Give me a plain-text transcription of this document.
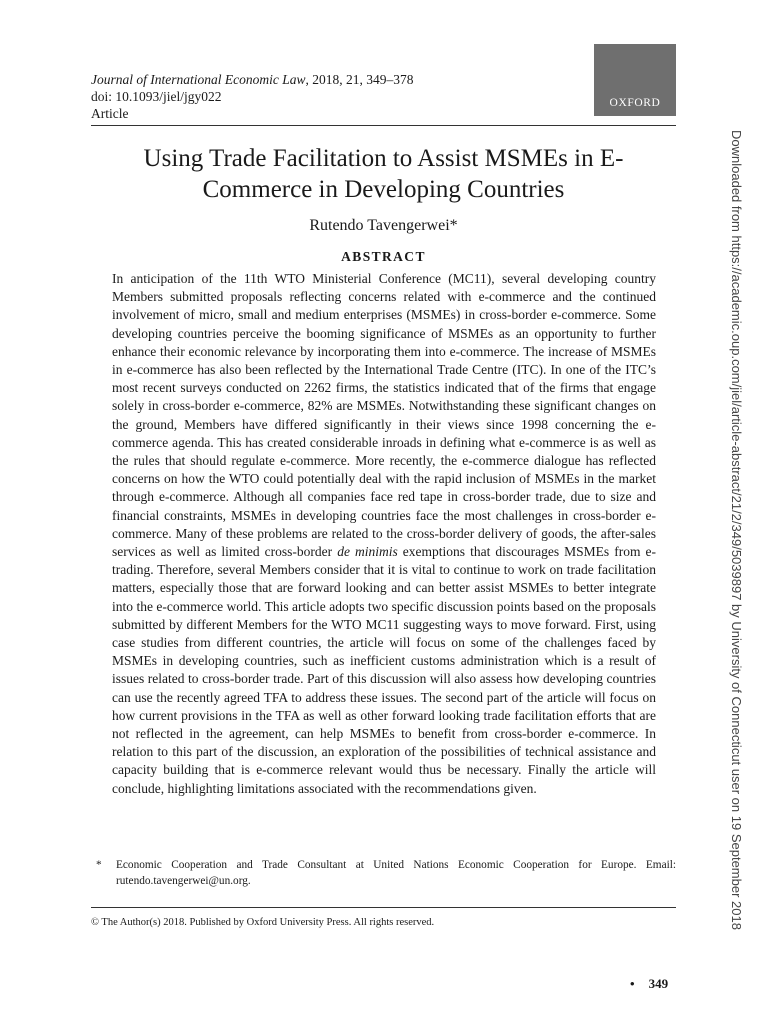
Journal of International Economic Law, 2018, 21, 349–378
doi: 10.1093/jiel/jgy022
Article
OXFORD
Using Trade Facilitation to Assist MSMEs in E-Commerce in Developing Countries
Rutendo Tavengerwei*
ABSTRACT

In anticipation of the 11th WTO Ministerial Conference (MC11), several developing country Members submitted proposals reflecting concerns related with e-commerce and the continued involvement of micro, small and medium enterprises (MSMEs) in cross-border e-commerce. Some developing countries perceive the booming significance of MSMEs as an opportunity to further enhance their economic relevance by incorporating them into e-commerce. The increase of MSMEs in e-commerce has also been reflected by the International Trade Centre (ITC). In one of the ITC’s most recent surveys conducted on 2262 firms, the statistics indicated that of the firms that engage solely in cross-border e-commerce, 82% are MSMEs. Notwithstanding these significant changes on the ground, Members have differed significantly in their views since 1998 concerning the e-commerce agenda. This has created considerable inroads in defining what e-commerce is as well as the rules that should regulate e-commerce. More recently, the e-commerce dialogue has reflected concerns on how the WTO could potentially deal with the rapid inclusion of MSMEs in the market through e-commerce. Although all companies face red tape in cross-border trade, due to size and financial constraints, MSMEs in developing countries face the most challenges in cross-border e-commerce. Many of these problems are related to the cross-border delivery of goods, the after-sales services as well as limited cross-border de minimis exemptions that discourages MSMEs from e-trading. Therefore, several Members consider that it is vital to continue to work on trade facilitation matters, especially those that are forward looking and can better assist MSMEs to better integrate into the e-commerce world. This article adopts two specific discussion points based on the proposals submitted by different Members for the WTO MC11 suggesting ways to move forward. First, using case studies from different countries, the article will focus on some of the challenges faced by MSMEs in developing countries, such as inefficient customs administration which is a result of issues related to cross-border trade. Part of this discussion will also assess how developing countries can use the recently agreed TFA to address these issues. The second part of the article will focus on how current provisions in the TFA as well as other forward looking trade facilitation efforts that are not reflected in the agreement, can help MSMEs to benefit from cross-border e-commerce. In relation to this part of the discussion, an exploration of the possibilities of technical assistance and capacity building that is e-commerce relevant would thus be necessary. Finally the article will conclude, highlighting limitations associated with the recommendations given.

*	Economic Cooperation and Trade Consultant at United Nations Economic Cooperation for Europe. Email: rutendo.tavengerwei@un.org.
© The Author(s) 2018. Published by Oxford University Press. All rights reserved.
• 349
Downloaded from https://academic.oup.com/jiel/article-abstract/21/2/349/5039897 by University of Connecticut user on 19 September 2018
